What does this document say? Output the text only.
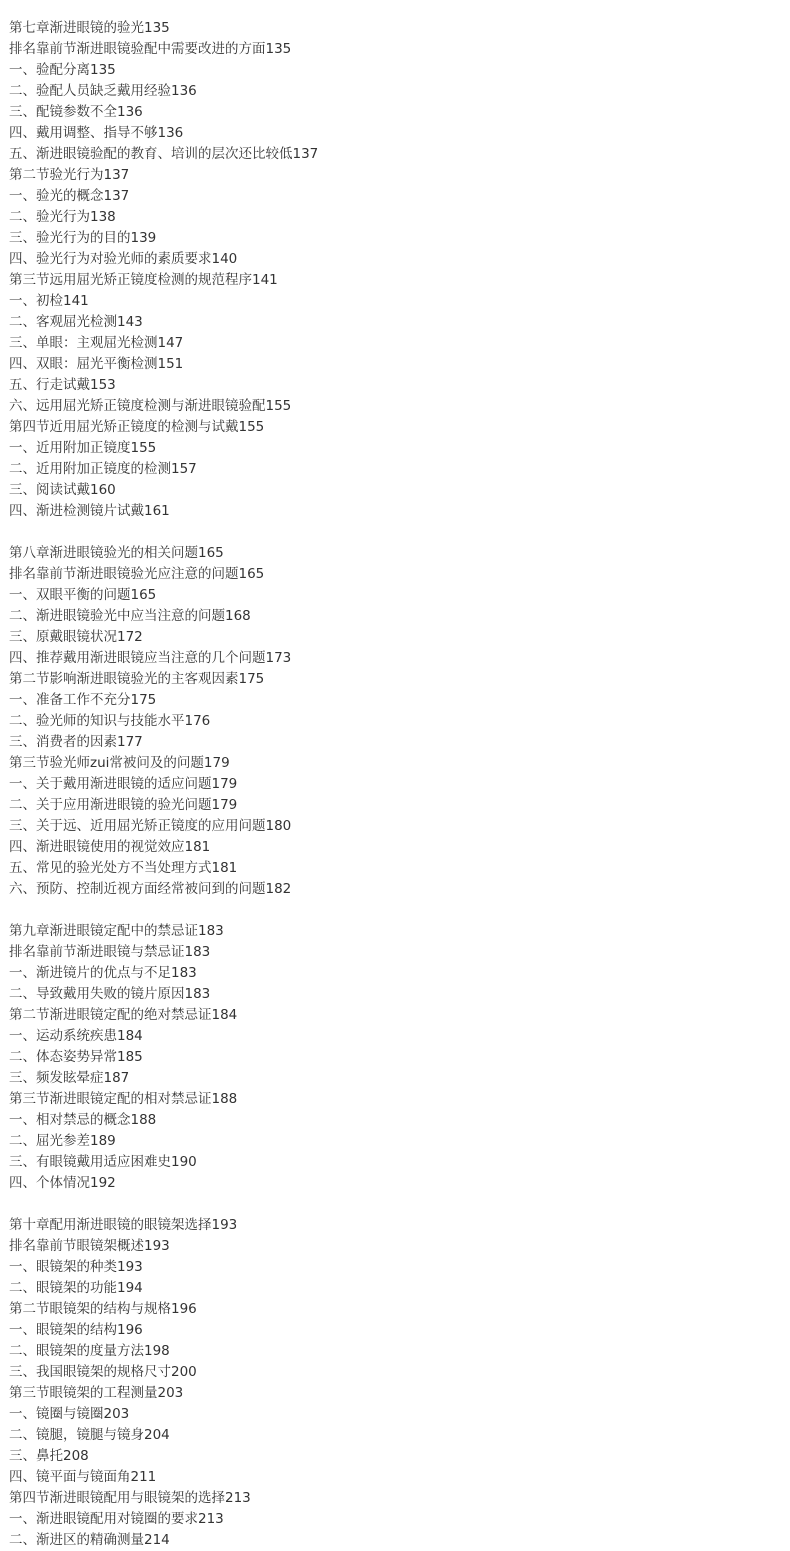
第七章渐进眼镜的验光135
排名靠前节渐进眼镜验配中需要改进的方面135
一、验配分离135
二、验配人员缺乏戴用经验136
三、配镜参数不全136
四、戴用调整、指导不够136
五、渐进眼镜验配的教育、培训的层次还比较低137
第二节验光行为137
一、验光的概念137
二、验光行为138
三、验光行为的目的139
四、验光行为对验光师的素质要求140
第三节远用屈光矫正镜度检测的规范程序141
一、初检141
二、客观屈光检测143
三、单眼：主观屈光检测147
四、双眼：屈光平衡检测151
五、行走试戴153
六、远用屈光矫正镜度检测与渐进眼镜验配155
第四节近用屈光矫正镜度的检测与试戴155
一、近用附加正镜度155
二、近用附加正镜度的检测157
三、阅读试戴160
四、渐进检测镜片试戴161
第八章渐进眼镜验光的相关问题165
排名靠前节渐进眼镜验光应注意的问题165
一、双眼平衡的问题165
二、渐进眼镜验光中应当注意的问题168
三、原戴眼镜状况172
四、推荐戴用渐进眼镜应当注意的几个问题173
第二节影响渐进眼镜验光的主客观因素175
一、准备工作不充分175
二、验光师的知识与技能水平176
三、消费者的因素177
第三节验光师zui常被问及的问题179
一、关于戴用渐进眼镜的适应问题179
二、关于应用渐进眼镜的验光问题179
三、关于远、近用屈光矫正镜度的应用问题180
四、渐进眼镜使用的视觉效应181
五、常见的验光处方不当处理方式181
六、预防、控制近视方面经常被问到的问题182
第九章渐进眼镜定配中的禁忌证183
排名靠前节渐进眼镜与禁忌证183
一、渐进镜片的优点与不足183
二、导致戴用失败的镜片原因183
第二节渐进眼镜定配的绝对禁忌证184
一、运动系统疾患184
二、体态姿势异常185
三、频发眩晕症187
第三节渐进眼镜定配的相对禁忌证188
一、相对禁忌的概念188
二、屈光参差189
三、有眼镜戴用适应困难史190
四、个体情况192
第十章配用渐进眼镜的眼镜架选择193
排名靠前节眼镜架概述193
一、眼镜架的种类193
二、眼镜架的功能194
第二节眼镜架的结构与规格196
一、眼镜架的结构196
二、眼镜架的度量方法198
三、我国眼镜架的规格尺寸200
第三节眼镜架的工程测量203
一、镜圈与镜圈203
二、镜腿，镜腿与镜身204
三、鼻托208
四、镜平面与镜面角211
第四节渐进眼镜配用与眼镜架的选择213
一、渐进眼镜配用对镜圈的要求213
二、渐进区的精确测量214
